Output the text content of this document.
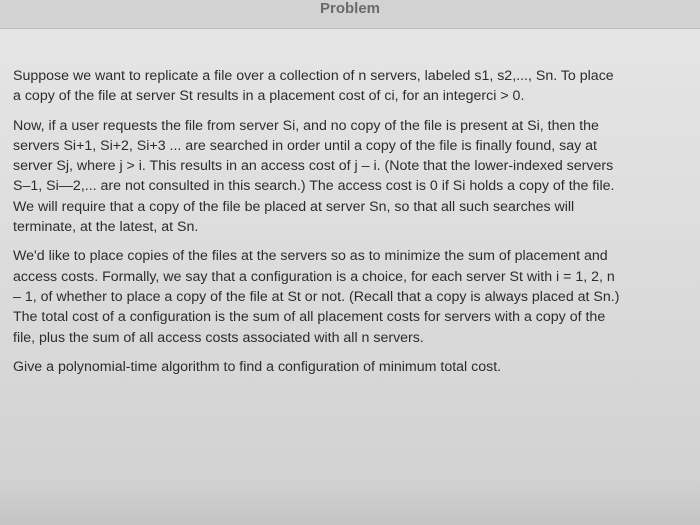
Problem
Suppose we want to replicate a file over a collection of n servers, labeled s1, s2,..., Sn. To place
a copy of the file at server St results in a placement cost of ci, for an integerci > 0.
Now, if a user requests the file from server Si, and no copy of the file is present at Si, then the
servers Si+1, Si+2, Si+3 ... are searched in order until a copy of the file is finally found, say at
server Sj, where j > i. This results in an access cost of j – i. (Note that the lower-indexed servers
S–1, Si—2,... are not consulted in this search.) The access cost is 0 if Si holds a copy of the file.
We will require that a copy of the file be placed at server Sn, so that all such searches will
terminate, at the latest, at Sn.
We'd like to place copies of the files at the servers so as to minimize the sum of placement and
access costs. Formally, we say that a configuration is a choice, for each server St with i = 1, 2, n
– 1, of whether to place a copy of the file at St or not. (Recall that a copy is always placed at Sn.)
The total cost of a configuration is the sum of all placement costs for servers with a copy of the
file, plus the sum of all access costs associated with all n servers.
Give a polynomial-time algorithm to find a configuration of minimum total cost.
